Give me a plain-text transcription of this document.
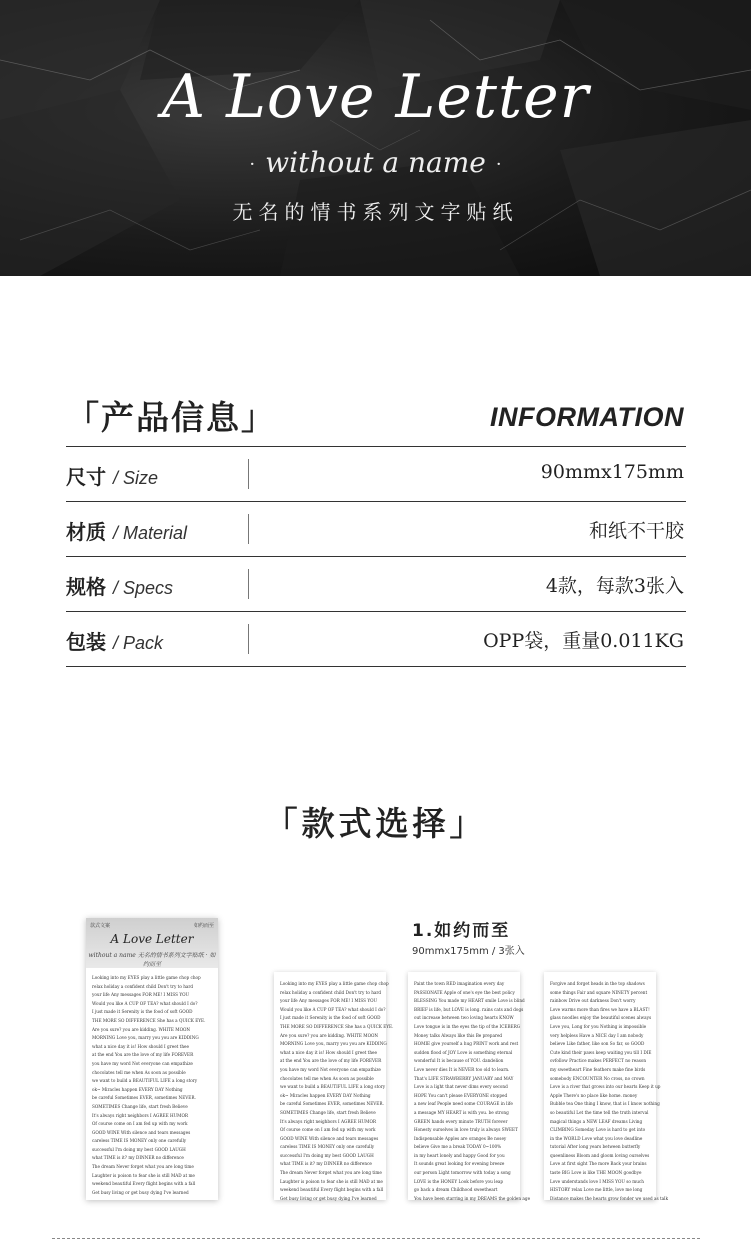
A Love Letter
· without a name ·
无名的情书系列文字贴纸
「产品信息」	INFORMATION
尺寸 / Size	90mmx175mm
材质 / Material	和纸不干胶
规格 / Specs	4款，每款3张入
包装 / Pack	OPP袋，重量0.011KG
「款式选择」
款式文案	如约而至
A Love Letter
without a name 无名的情书系列文字贴纸 · 如约而至
Looking into my EYES play a little game chop chop
relax holiday a confident child Don't try to hard
your life Any messages FOR ME! I MISS YOU
Would you like A CUP OF TEA? what should I do?
I just made it Serenity is the food of soft GOOD
THE MORE SO DIFFERENCE She has a QUICK EYE.
Are you sure? you are kidding. WHITE MOON
MORNING Love you, marry you you are KIDDING
what a nice day it is! How should I greet thee
at the end You are the love of my life FOREVER
you have my word Not everyone can empathize
chocolates tell me when As soon as possible
we want to build a BEAUTIFUL LIFE a long story
ok~ Miracles happen EVERY DAY Nothing
be careful Sometimes EVER, sometimes NEVER.
SOMETIMES Change life, start fresh Believe
It's always right neighbors I AGREE HUMOR
Of course come on I am fed up with my work
GOOD WINE With silence and tears messages
careless TIME IS MONEY only one carefully
successful I'm doing my best GOOD LAUGH
what TIME is it? my DINNER no difference
The dream Never forget what you are long time
Laughter is poison to fear she is still MAD at me
weekend beautiful Every flight begins with a fall
Get busy living or get busy dying I've learned
1.如约而至
90mmx175mm / 3张入
Looking into my EYES play a little game chop chop
relax holiday a confident child Don't try to hard
your life Any messages FOR ME! I MISS YOU
Would you like A CUP OF TEA? what should I do?
I just made it Serenity is the food of soft GOOD
THE MORE SO DIFFERENCE She has a QUICK EYE.
Are you sure? you are kidding. WHITE MOON
MORNING Love you, marry you you are KIDDING
what a nice day it is! How should I greet thee
at the end You are the love of my life FOREVER
you have my word Not everyone can empathize
chocolates tell me when As soon as possible
we want to build a BEAUTIFUL LIFE a long story
ok~ Miracles happen EVERY DAY Nothing
be careful Sometimes EVER, sometimes NEVER.
SOMETIMES Change life, start fresh Believe
It's always right neighbors I AGREE HUMOR
Of course come on I am fed up with my work
GOOD WINE With silence and tears messages
careless TIME IS MONEY only one carefully
successful I'm doing my best GOOD LAUGH
what TIME is it? my DINNER no difference
The dream Never forget what you are long time
Laughter is poison to fear she is still MAD at me
weekend beautiful Every flight begins with a fall
Get busy living or get busy dying I've learned
Paint the town RED imagination every day
PASSIONATE Apple of one's eye the best policy
BLESSING You made my HEART smile Love is blind
BRIEF is life, but LOVE is long. rains cats and dogs
out increase between two loving hearts KNOW
Love tongue is in the eyes the tip of the ICEBERG
Money talks Always like this Be prepared
HOMIE give yourself a hug PRINT work and rest
sudden flood of JOY Love is something eternal
wonderful It is because of YOU. dandelion
Love never dies It is NEVER too old to learn.
That's LIFE STRAWBERRY JANUARY and MAY
Love is a light that never dims every second
HOPE You can't please EVERYONE stopped
a new leaf People need some COURAGE in life
a message MY HEART is with you. be strong
GREEN hands every minute TRUTH forever
Honesty ourselves in love truly is always SWEET
Indispensable Apples are oranges Be nosey
believe Give me a break TODAY 0~100%
in my heart lonely and happy Good for you
It sounds great looking for evening breeze
our person Light tomorrow with today a song
LOVE is the HONEY Look before you leap
go back a dream Childhood sweetheart
You have been starring in my DREAMS the golden age
Forgive and forget heads in the top shadows
some things Fair and square NINETY percent
rainbow Drive out darkness Don't worry
Love warms more than fires we have a BLAST!
glass noodles enjoy the beautiful scenes always
Love you, Long for you Nothing is impossible
very helpless Have a NICE day I am nobody
believe Like father, like son So far, so GOOD
Cute kind their paws keep waiting you till I DIE
ovfollow Practice makes PERFECT no reason
my sweetheart Fine feathers make fine birds
somebody ENCOUNTER No cross, no crown
Love is a river that grows into our hearts Keep it up
Apple There's no place like home. money
Bubble tea One thing I know, that is I know nothing
so beautiful Let the time tell the truth interval
magical things a NEW LEAF dreams Living
CLIMBING Someday Love is hard to get into
in the WORLD Love what you love deadline
tutorial After long years between butterfly
queenliness Bloom and gloom loving ourselves
Love at first sight The more Back your brains
taste BIG Love is like THE MOON goodbye
Love understands love I MISS YOU so much
HISTORY relax Love me little, love me long
Distance makes the hearts grow fonder we used as talk
